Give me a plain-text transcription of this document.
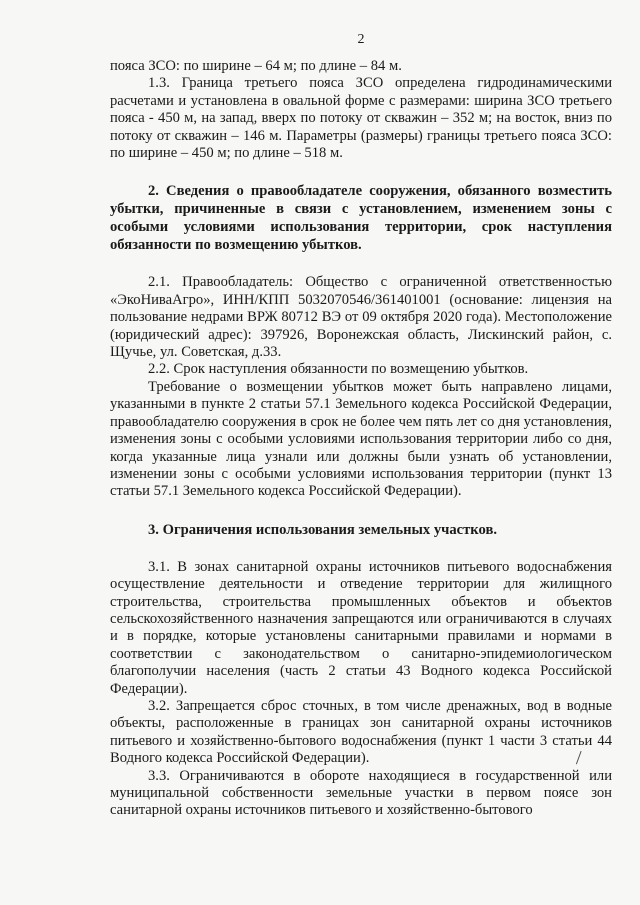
2

пояса ЗСО: по ширине – 64 м; по длине – 84 м.

1.3. Граница третьего пояса ЗСО определена гидродинамическими расчетами и установлена в овальной форме с размерами: ширина ЗСО третьего пояса - 450 м, на запад, вверх по потоку от скважин – 352 м; на восток, вниз по потоку от скважин – 146 м. Параметры (размеры) границы третьего пояса ЗСО: по ширине – 450 м; по длине – 518 м.

2. Сведения о правообладателе сооружения, обязанного возместить убытки, причиненные в связи с установлением, изменением зоны с особыми условиями использования территории, срок наступления обязанности по возмещению убытков.

2.1. Правообладатель: Общество с ограниченной ответственностью «ЭкоНиваАгро», ИНН/КПП 5032070546/361401001 (основание: лицензия на пользование недрами ВРЖ 80712 ВЭ от 09 октября 2020 года). Местоположение (юридический адрес): 397926, Воронежская область, Лискинский район, с. Щучье, ул. Советская, д.33.

2.2. Срок наступления обязанности по возмещению убытков.

Требование о возмещении убытков может быть направлено лицами, указанными в пункте 2 статьи 57.1 Земельного кодекса Российской Федерации, правообладателю сооружения в срок не более чем пять лет со дня установления, изменения зоны с особыми условиями использования территории либо со дня, когда указанные лица узнали или должны были узнать об установлении, изменении зоны с особыми условиями использования территории (пункт 13 статьи 57.1 Земельного кодекса Российской Федерации).

3. Ограничения использования земельных участков.

3.1. В зонах санитарной охраны источников питьевого водоснабжения осуществление деятельности и отведение территории для жилищного строительства, строительства промышленных объектов и объектов сельскохозяйственного назначения запрещаются или ограничиваются в случаях и в порядке, которые установлены санитарными правилами и нормами в соответствии с законодательством о санитарно-эпидемиологическом благополучии населения (часть 2 статьи 43 Водного кодекса Российской Федерации).

3.2. Запрещается сброс сточных, в том числе дренажных, вод в водные объекты, расположенные в границах зон санитарной охраны источников питьевого и хозяйственно-бытового водоснабжения (пункт 1 части 3 статьи 44 Водного кодекса Российской Федерации).

3.3. Ограничиваются в обороте находящиеся в государственной или муниципальной собственности земельные участки в первом поясе зон санитарной охраны источников питьевого и хозяйственно-бытового
